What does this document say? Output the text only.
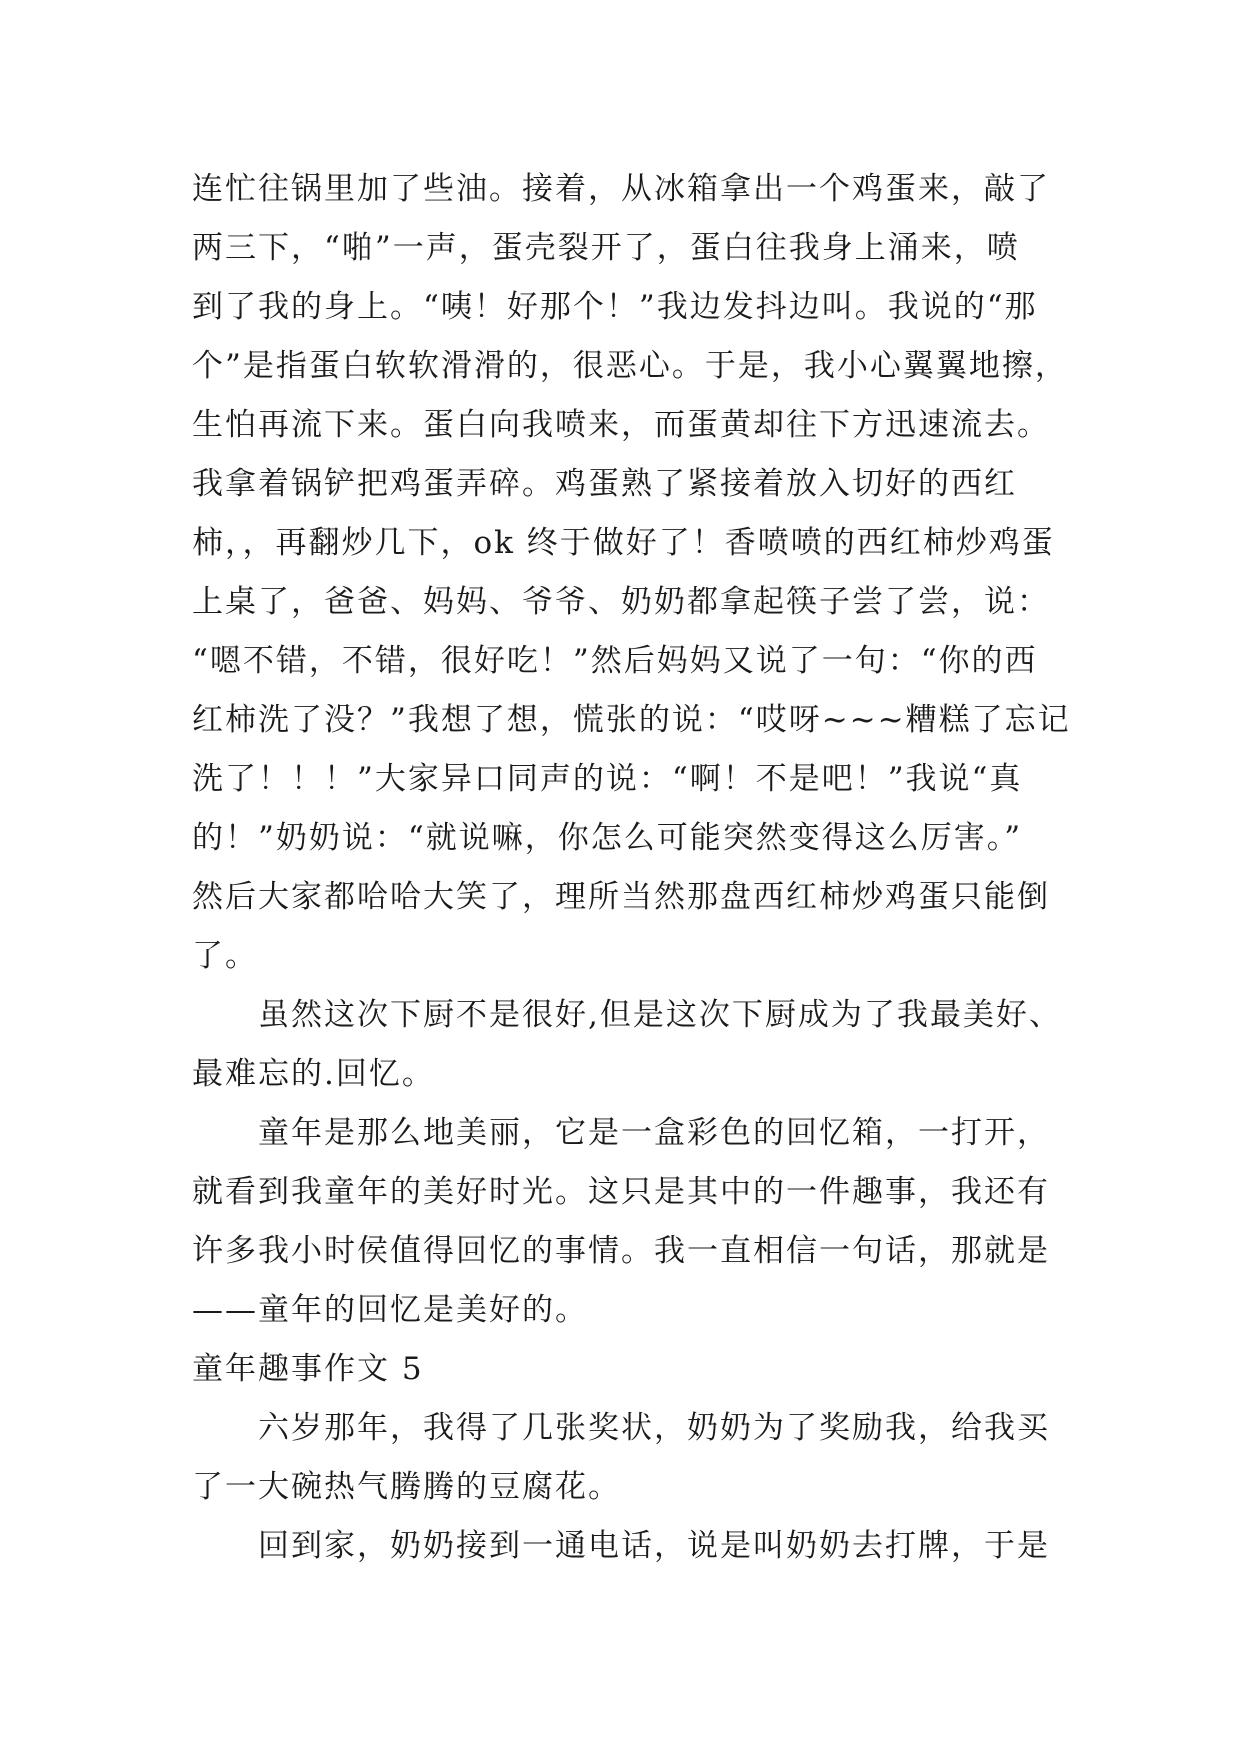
连忙往锅里加了些油。接着，从冰箱拿出一个鸡蛋来，敲了
两三下，“啪”一声，蛋壳裂开了，蛋白往我身上涌来，喷
到了我的身上。“咦！好那个！”我边发抖边叫。我说的“那
个”是指蛋白软软滑滑的，很恶心。于是，我小心翼翼地擦，
生怕再流下来。蛋白向我喷来，而蛋黄却往下方迅速流去。
我拿着锅铲把鸡蛋弄碎。鸡蛋熟了紧接着放入切好的西红
柿，，再翻炒几下，ok 终于做好了！香喷喷的西红柿炒鸡蛋
上桌了，爸爸、妈妈、爷爷、奶奶都拿起筷子尝了尝，说：
“嗯不错，不错，很好吃！”然后妈妈又说了一句：“你的西
红柿洗了没？”我想了想，慌张的说：“哎呀~~~糟糕了忘记
洗了！！！”大家异口同声的说：“啊！不是吧！”我说“真
的！”奶奶说：“就说嘛，你怎么可能突然变得这么厉害。”
然后大家都哈哈大笑了，理所当然那盘西红柿炒鸡蛋只能倒
了。
虽然这次下厨不是很好,但是这次下厨成为了我最美好、
最难忘的.回忆。
童年是那么地美丽，它是一盒彩色的回忆箱，一打开，
就看到我童年的美好时光。这只是其中的一件趣事，我还有
许多我小时侯值得回忆的事情。我一直相信一句话，那就是
——童年的回忆是美好的。
童年趣事作文 5
六岁那年，我得了几张奖状，奶奶为了奖励我，给我买
了一大碗热气腾腾的豆腐花。
回到家，奶奶接到一通电话，说是叫奶奶去打牌，于是
